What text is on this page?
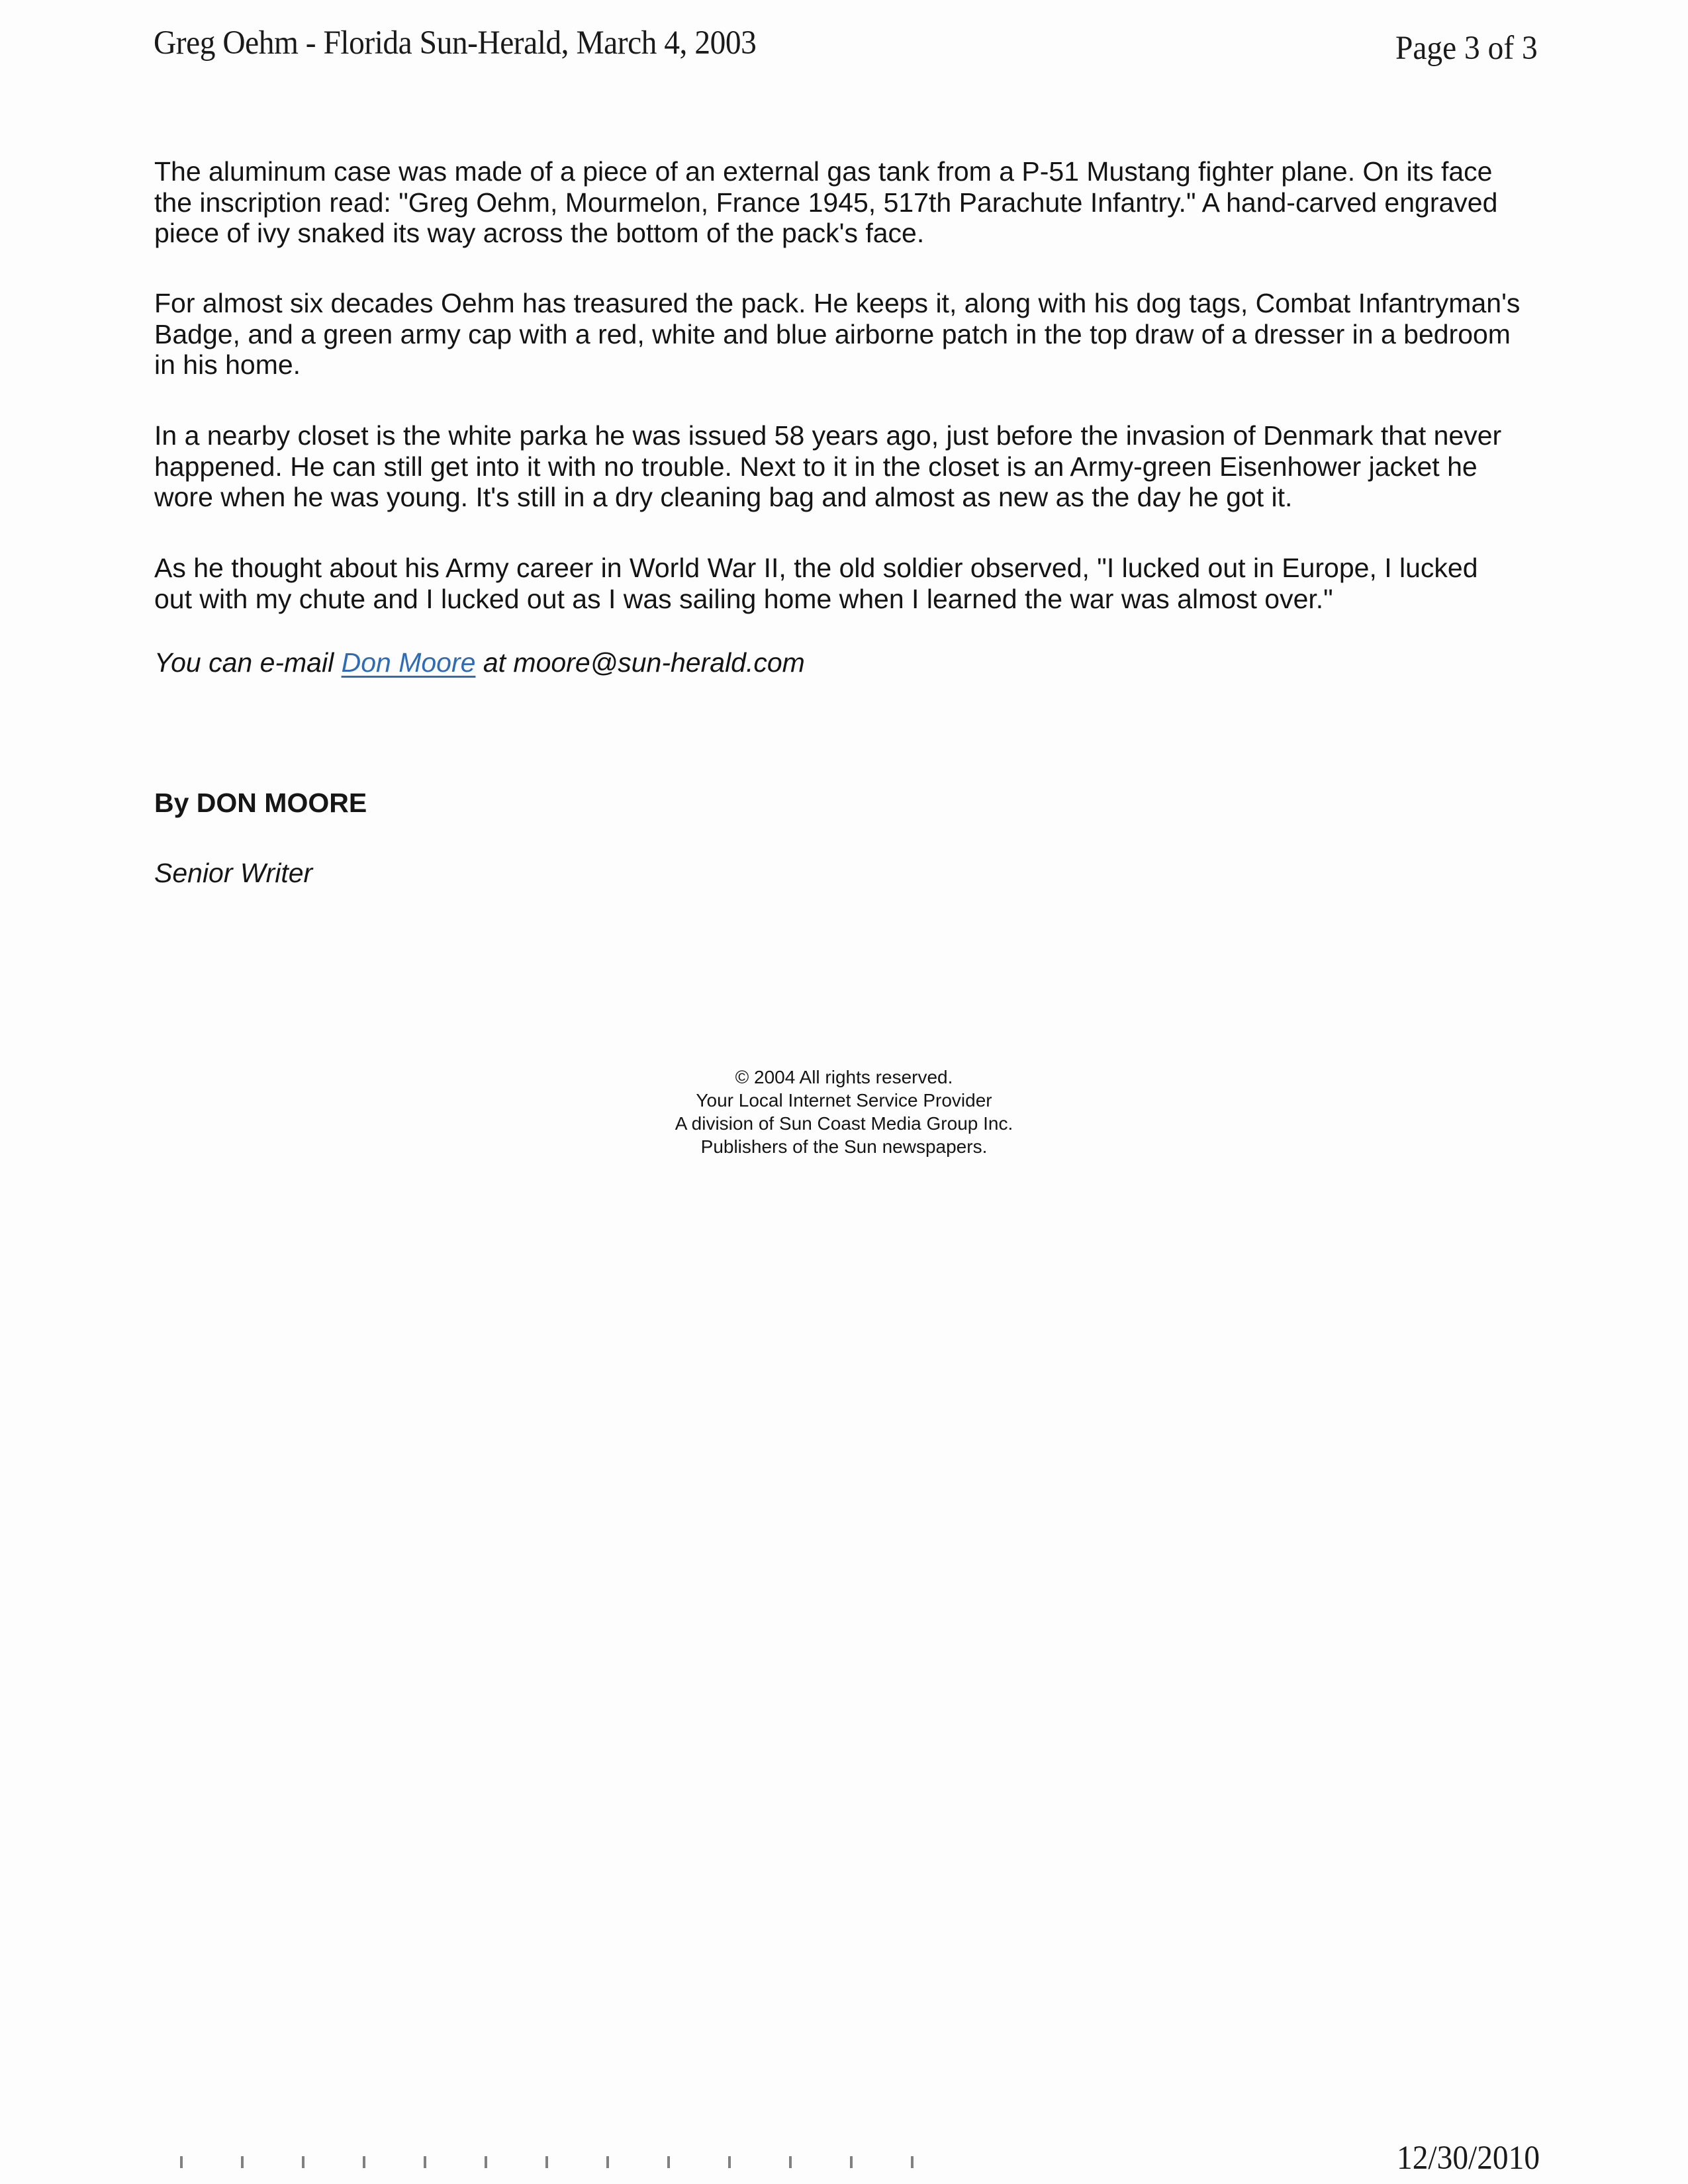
Greg Oehm - Florida Sun-Herald, March 4, 2003	Page 3 of 3
The aluminum case was made of a piece of an external gas tank from a P-51 Mustang fighter plane. On its face
the inscription read: "Greg Oehm, Mourmelon, France 1945, 517th Parachute Infantry." A hand-carved engraved
piece of ivy snaked its way across the bottom of the pack's face.
For almost six decades Oehm has treasured the pack. He keeps it, along with his dog tags, Combat Infantryman's
Badge, and a green army cap with a red, white and blue airborne patch in the top draw of a dresser in a bedroom
in his home.
In a nearby closet is the white parka he was issued 58 years ago, just before the invasion of Denmark that never
happened. He can still get into it with no trouble. Next to it in the closet is an Army-green Eisenhower jacket he
wore when he was young. It's still in a dry cleaning bag and almost as new as the day he got it.
As he thought about his Army career in World War II, the old soldier observed, "I lucked out in Europe, I lucked
out with my chute and I lucked out as I was sailing home when I learned the war was almost over."
You can e-mail Don Moore at moore@sun-herald.com
By DON MOORE
Senior Writer
© 2004 All rights reserved.
Your Local Internet Service Provider
A division of Sun Coast Media Group Inc.
Publishers of the Sun newspapers.
12/30/2010
